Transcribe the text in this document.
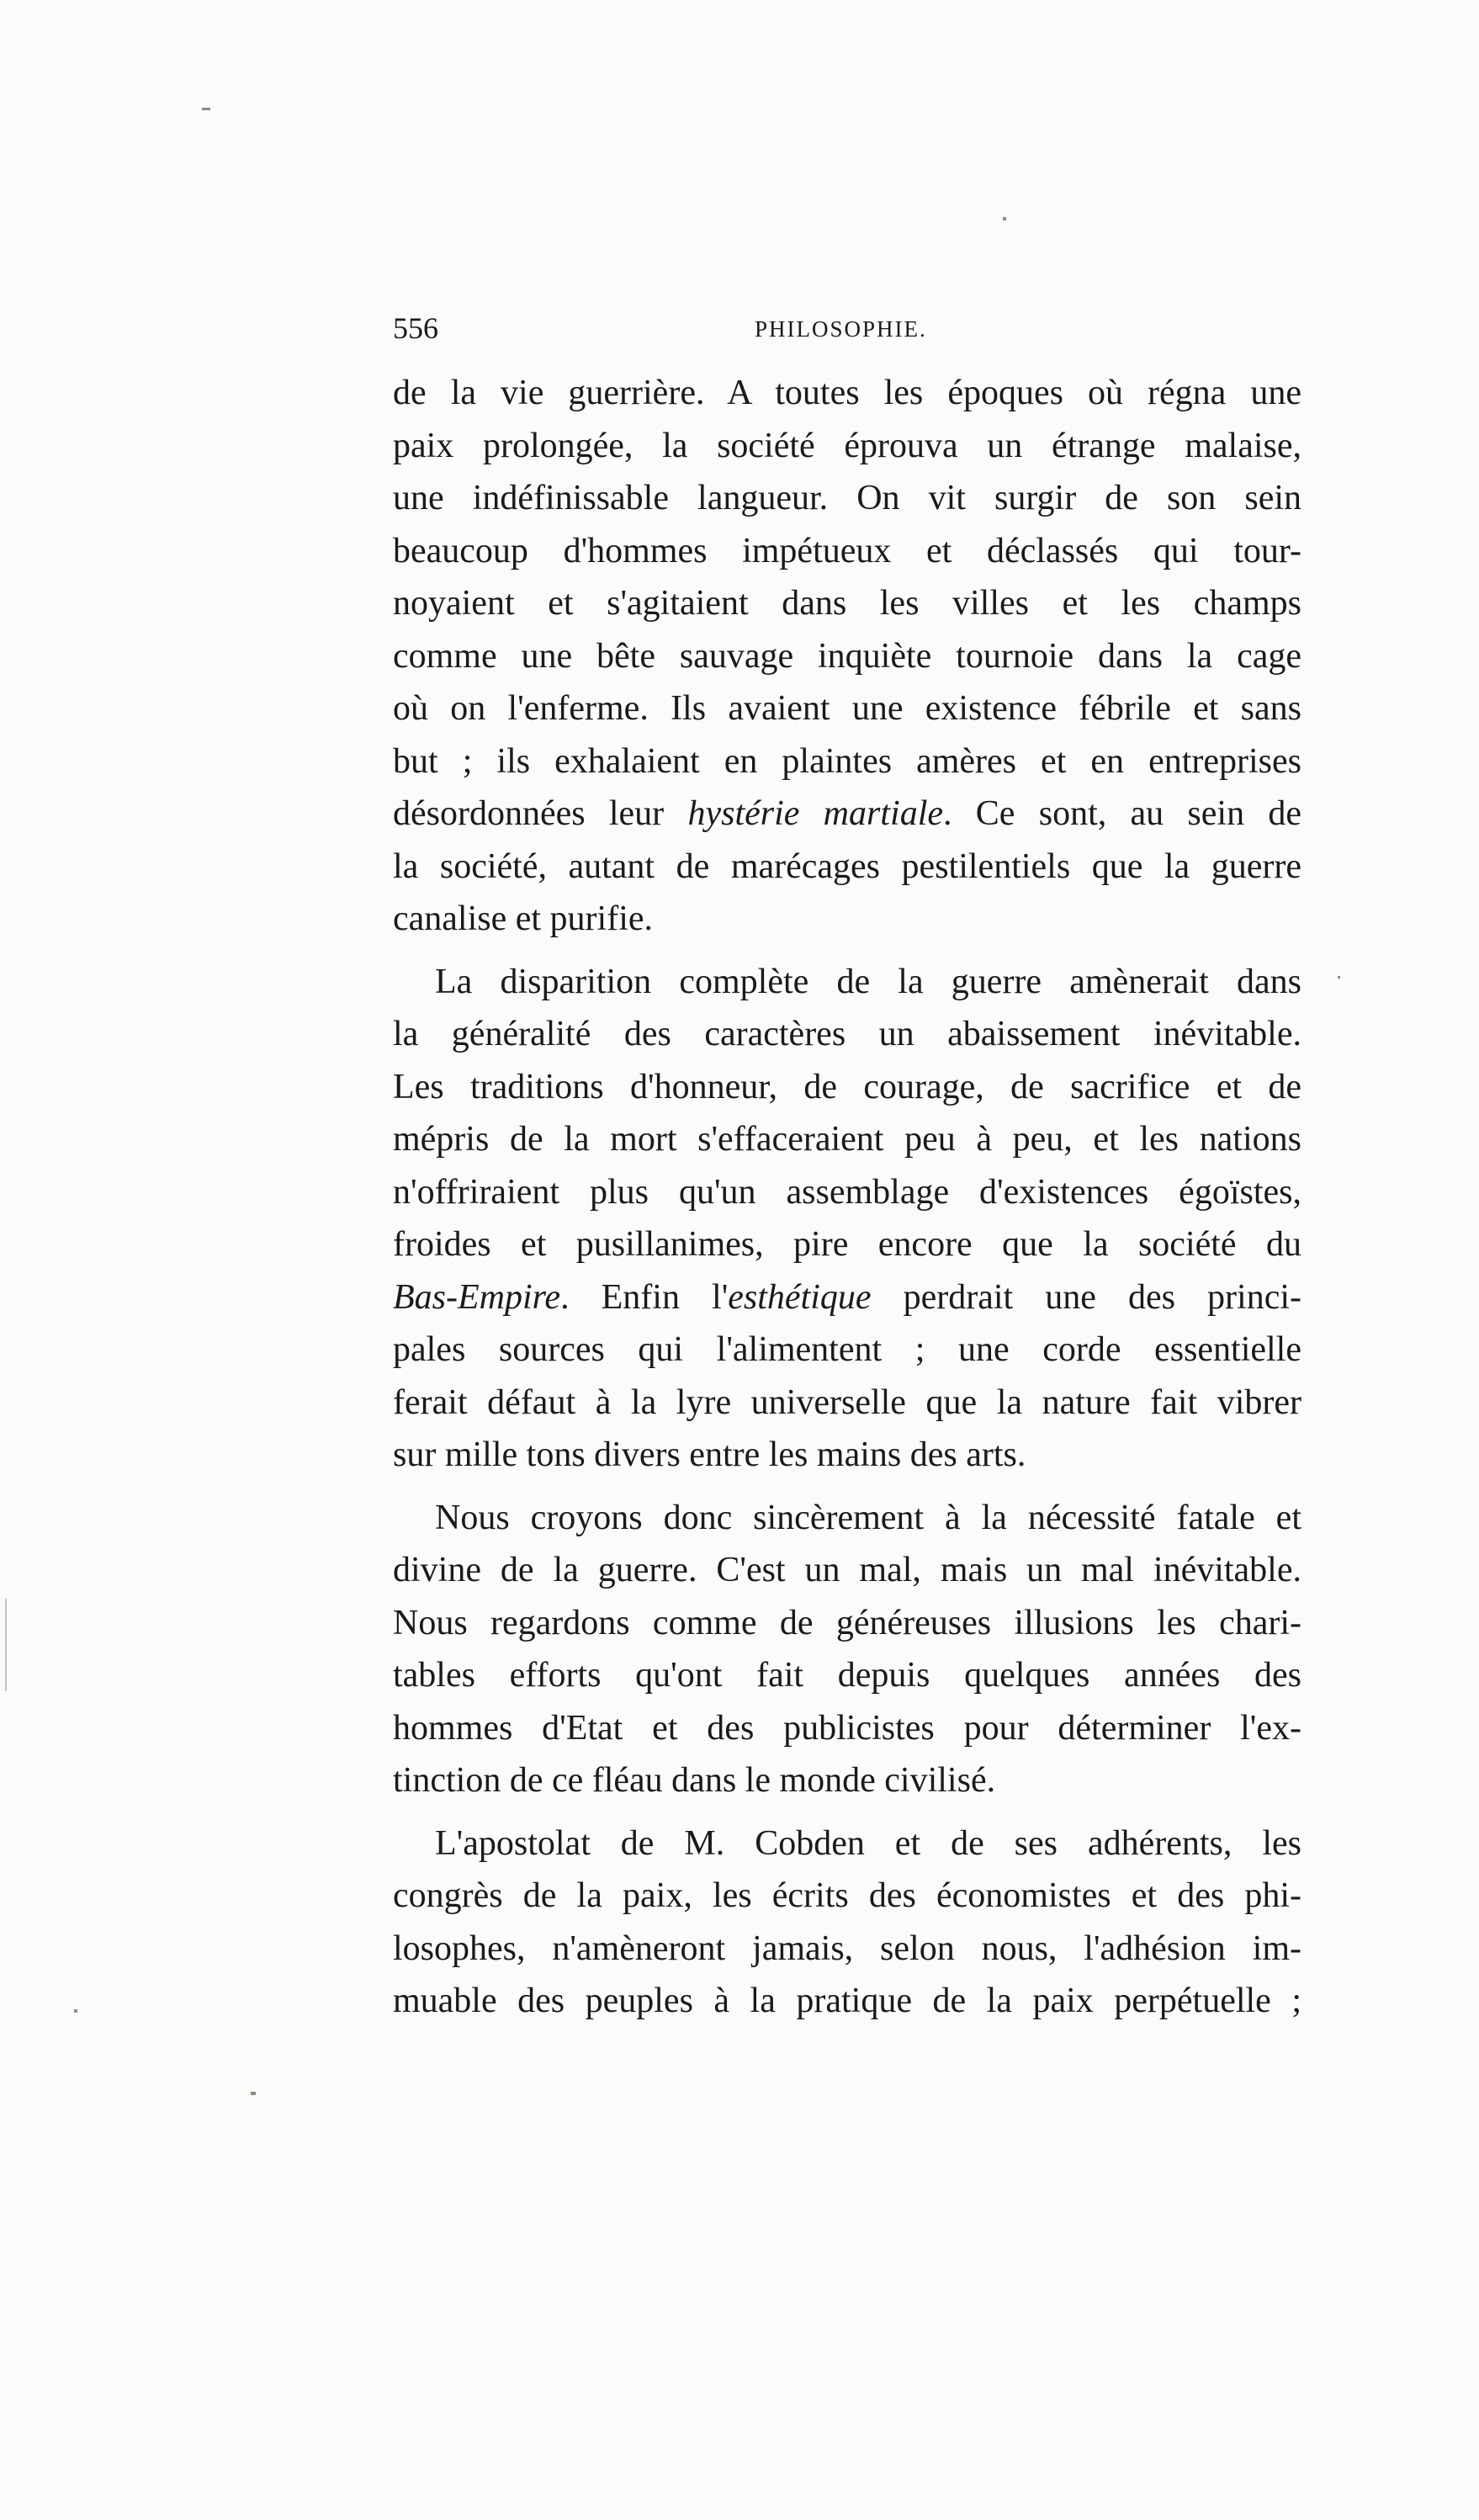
556	PHILOSOPHIE.
de la vie guerrière. A toutes les époques où régna une
paix prolongée, la société éprouva un étrange malaise,
une indéfinissable langueur. On vit surgir de son sein
beaucoup d'hommes impétueux et déclassés qui tour-
noyaient et s'agitaient dans les villes et les champs
comme une bête sauvage inquiète tournoie dans la cage
où on l'enferme. Ils avaient une existence fébrile et sans
but ; ils exhalaient en plaintes amères et en entreprises
désordonnées leur hystérie martiale. Ce sont, au sein de
la société, autant de marécages pestilentiels que la guerre
canalise et purifie.
La disparition complète de la guerre amènerait dans
la généralité des caractères un abaissement inévitable.
Les traditions d'honneur, de courage, de sacrifice et de
mépris de la mort s'effaceraient peu à peu, et les nations
n'offriraient plus qu'un assemblage d'existences égoïstes,
froides et pusillanimes, pire encore que la société du
Bas-Empire. Enfin l'esthétique perdrait une des princi-
pales sources qui l'alimentent ; une corde essentielle
ferait défaut à la lyre universelle que la nature fait vibrer
sur mille tons divers entre les mains des arts.
Nous croyons donc sincèrement à la nécessité fatale et
divine de la guerre. C'est un mal, mais un mal inévitable.
Nous regardons comme de généreuses illusions les chari-
tables efforts qu'ont fait depuis quelques années des
hommes d'Etat et des publicistes pour déterminer l'ex-
tinction de ce fléau dans le monde civilisé.
L'apostolat de M. Cobden et de ses adhérents, les
congrès de la paix, les écrits des économistes et des phi-
losophes, n'amèneront jamais, selon nous, l'adhésion im-
muable des peuples à la pratique de la paix perpétuelle ;
